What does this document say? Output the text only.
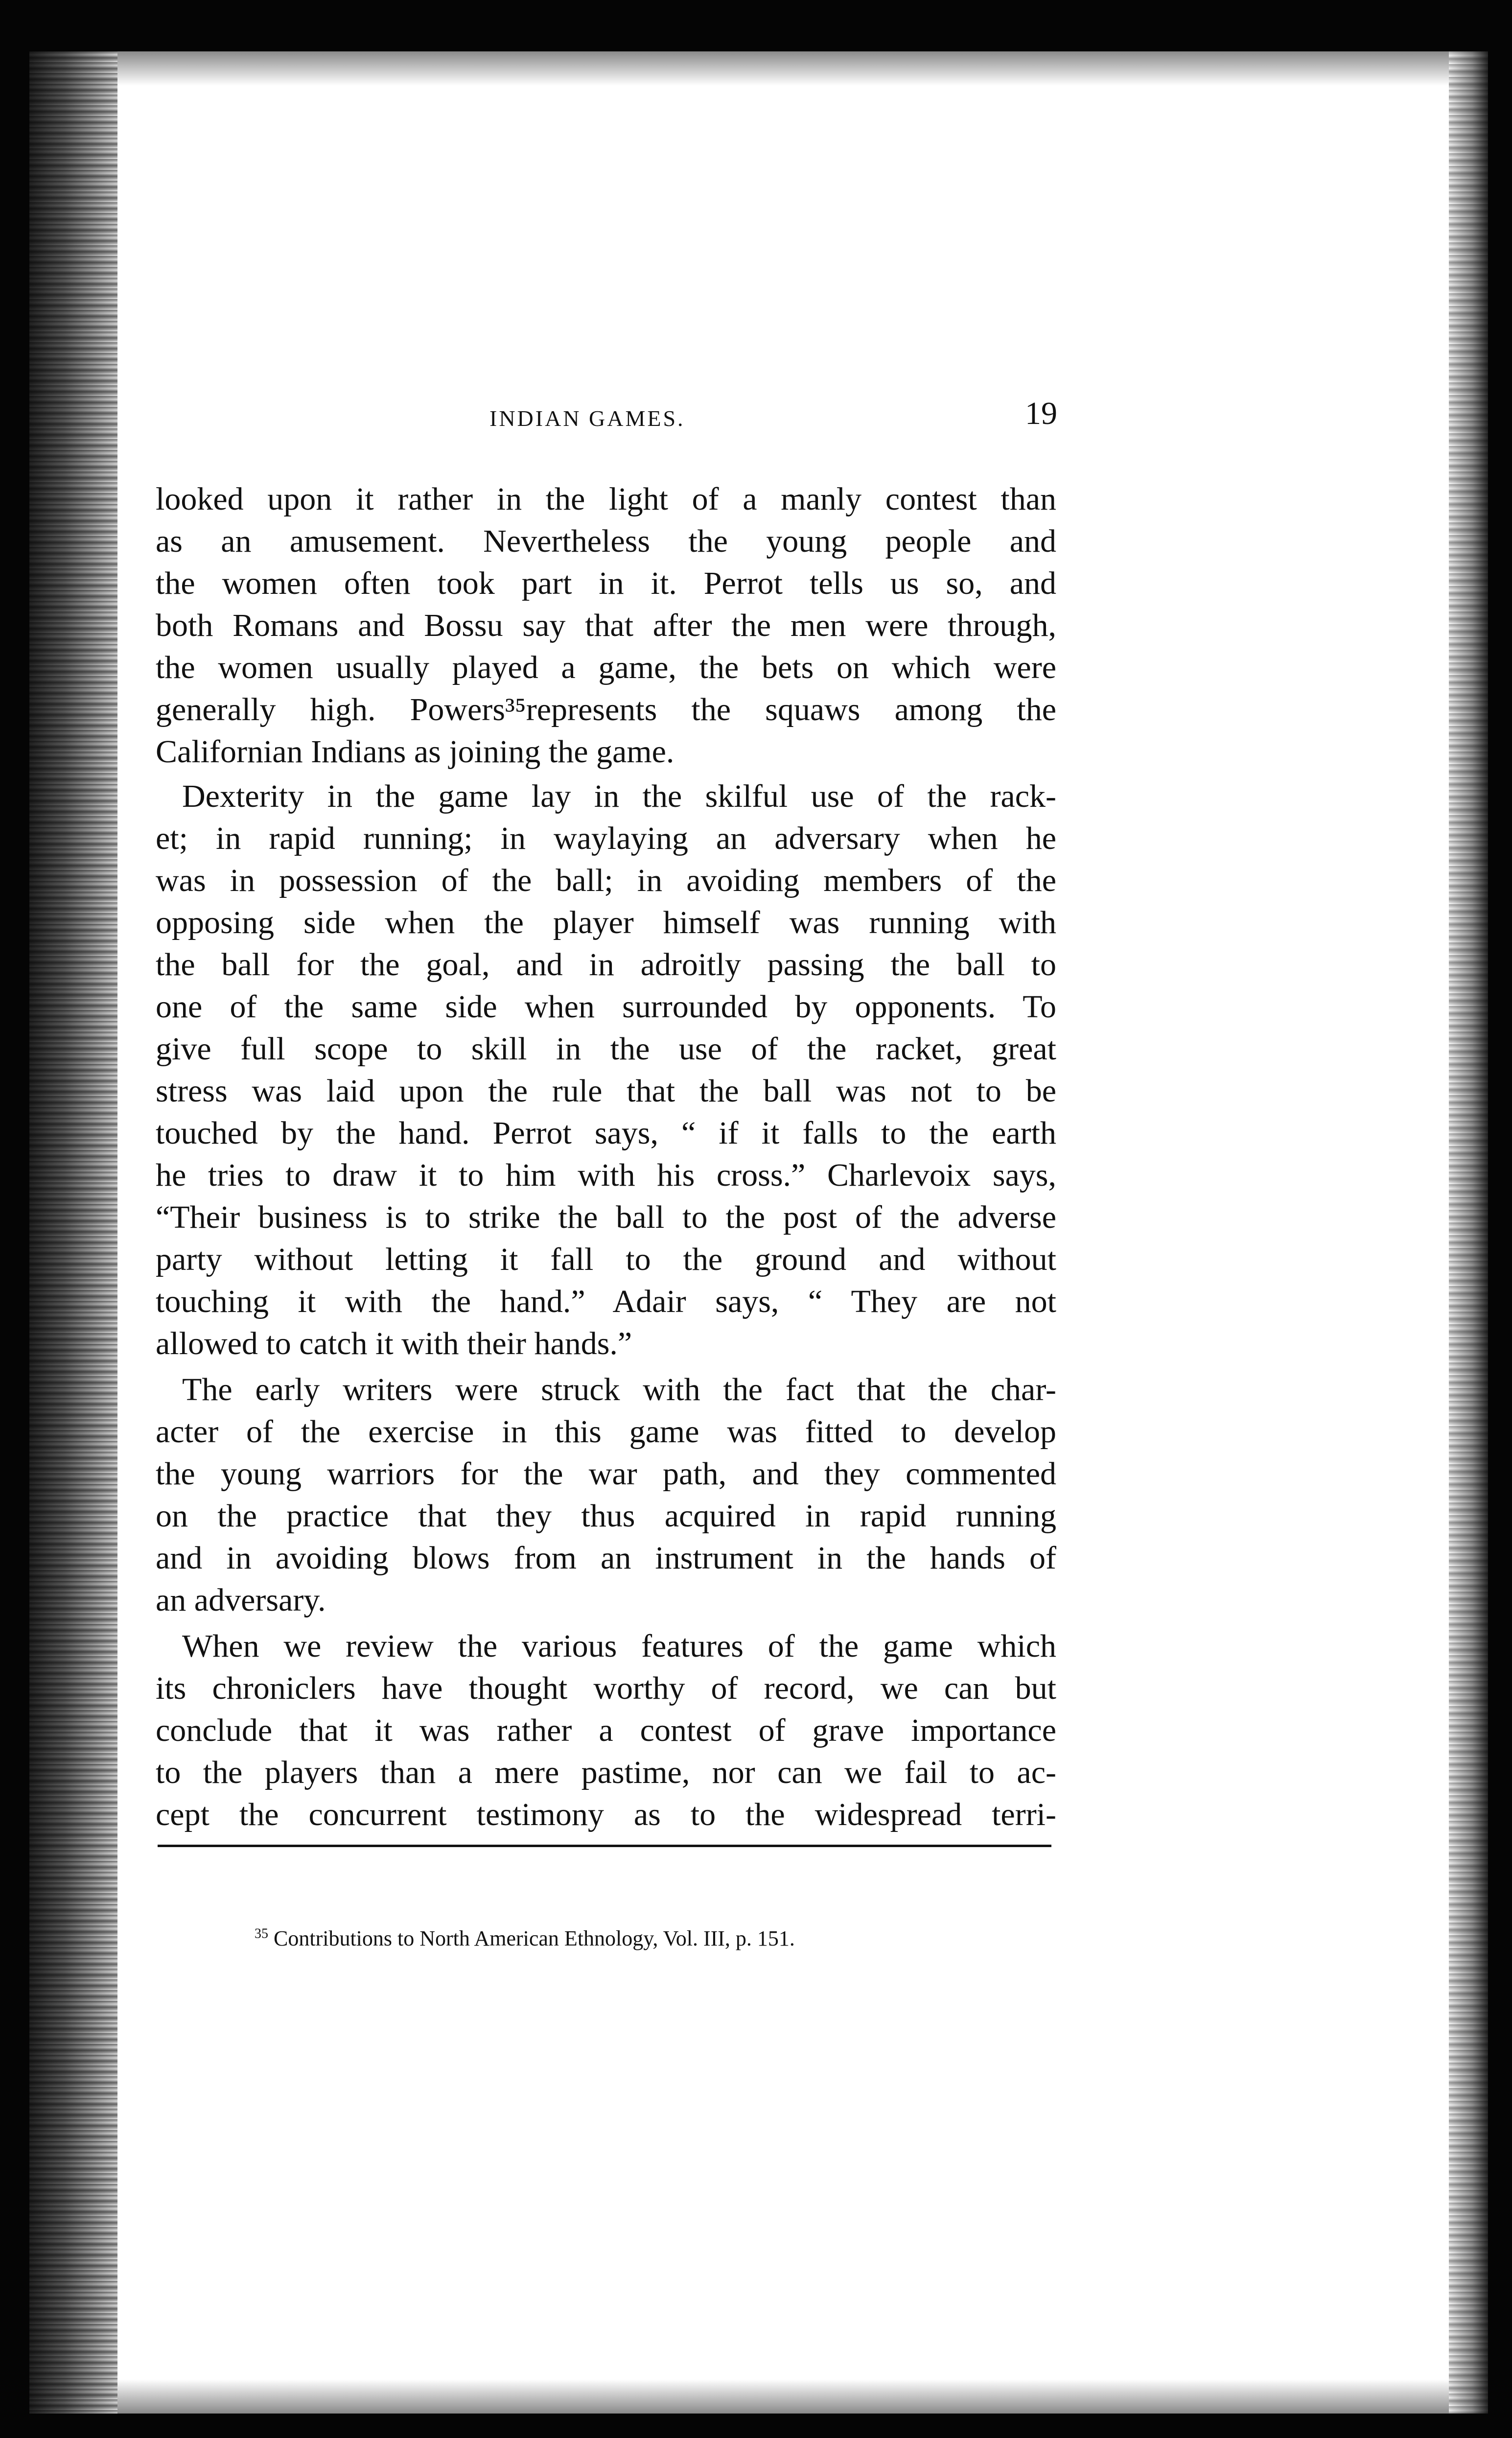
INDIAN GAMES.	19
looked upon it rather in the light of a manly contest than
as an amusement. Nevertheless the young people and
the women often took part in it. Perrot tells us so, and
both Romans and Bossu say that after the men were through,
the women usually played a game, the bets on which were
generally high. Powers³⁵represents the squaws among the
Californian Indians as joining the game.
Dexterity in the game lay in the skilful use of the rack-
et; in rapid running; in waylaying an adversary when he
was in possession of the ball; in avoiding members of the
opposing side when the player himself was running with
the ball for the goal, and in adroitly passing the ball to
one of the same side when surrounded by opponents. To
give full scope to skill in the use of the racket, great
stress was laid upon the rule that the ball was not to be
touched by the hand. Perrot says, “ if it falls to the earth
he tries to draw it to him with his cross.” Charlevoix says,
“Their business is to strike the ball to the post of the adverse
party without letting it fall to the ground and without
touching it with the hand.” Adair says, “ They are not
allowed to catch it with their hands.”
The early writers were struck with the fact that the char-
acter of the exercise in this game was fitted to develop
the young warriors for the war path, and they commented
on the practice that they thus acquired in rapid running
and in avoiding blows from an instrument in the hands of
an adversary.
When we review the various features of the game which
its chroniclers have thought worthy of record, we can but
conclude that it was rather a contest of grave importance
to the players than a mere pastime, nor can we fail to ac-
cept the concurrent testimony as to the widespread terri-
$^{35}$ Contributions to North American Ethnology, Vol. III, p. 151.
